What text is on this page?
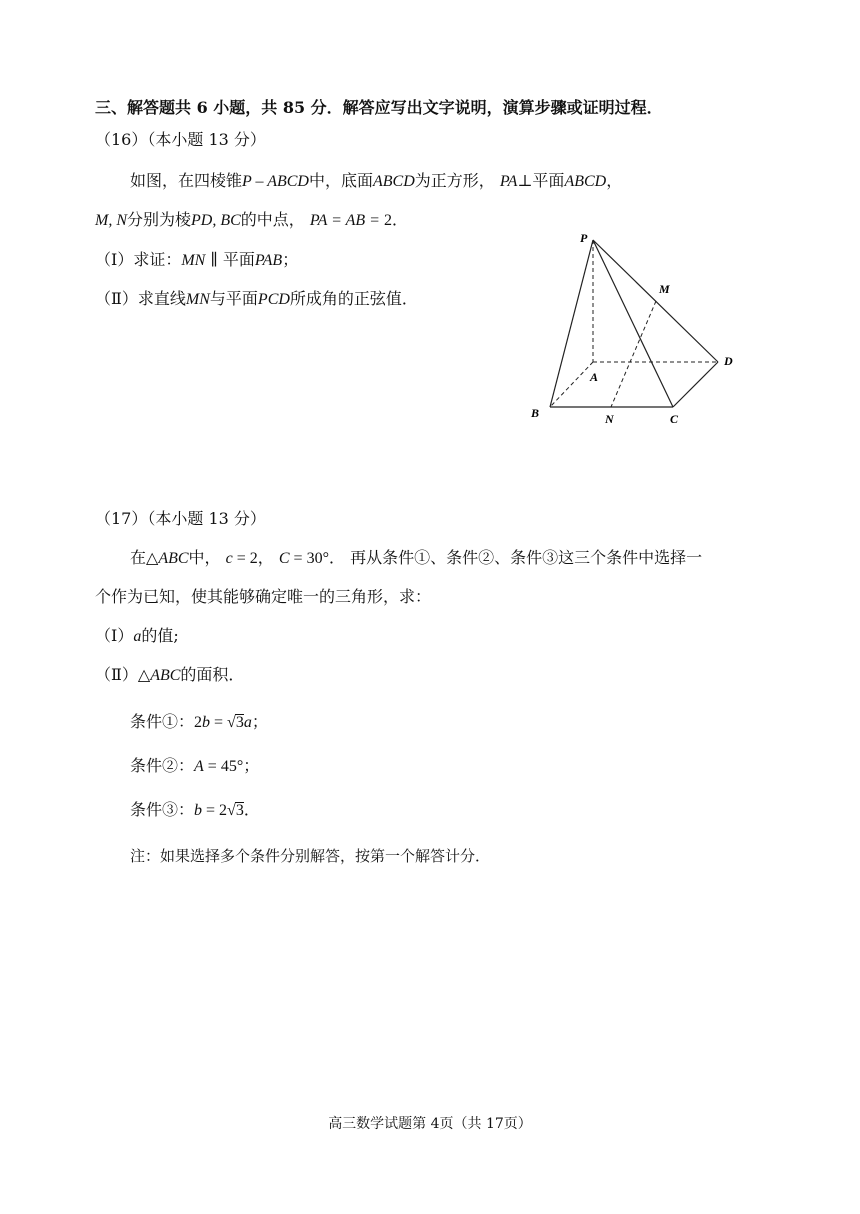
三、解答题共 6 小题，共 85 分．解答应写出文字说明，演算步骤或证明过程．
（16）（本小题 13 分）
如图，在四棱锥P – ABCD中，底面ABCD为正方形， PA⊥平面ABCD，
M, N分别为棱PD, BC的中点， PA = AB = 2．
（Ⅰ）求证：MN ∥ 平面PAB；
（Ⅱ）求直线MN与平面PCD所成角的正弦值．
P
M
D
A
B	N	C
（17）（本小题 13 分）
在△ABC中， c = 2， C = 30°． 再从条件①、条件②、条件③这三个条件中选择一
个作为已知，使其能够确定唯一的三角形，求：
（Ⅰ）a的值;
（Ⅱ）△ABC的面积．
条件①：2b = √3a；
条件②：A = 45°；
条件③：b = 2√3．
注：如果选择多个条件分别解答，按第一个解答计分．
高三数学试题第 4页（共 17页）
